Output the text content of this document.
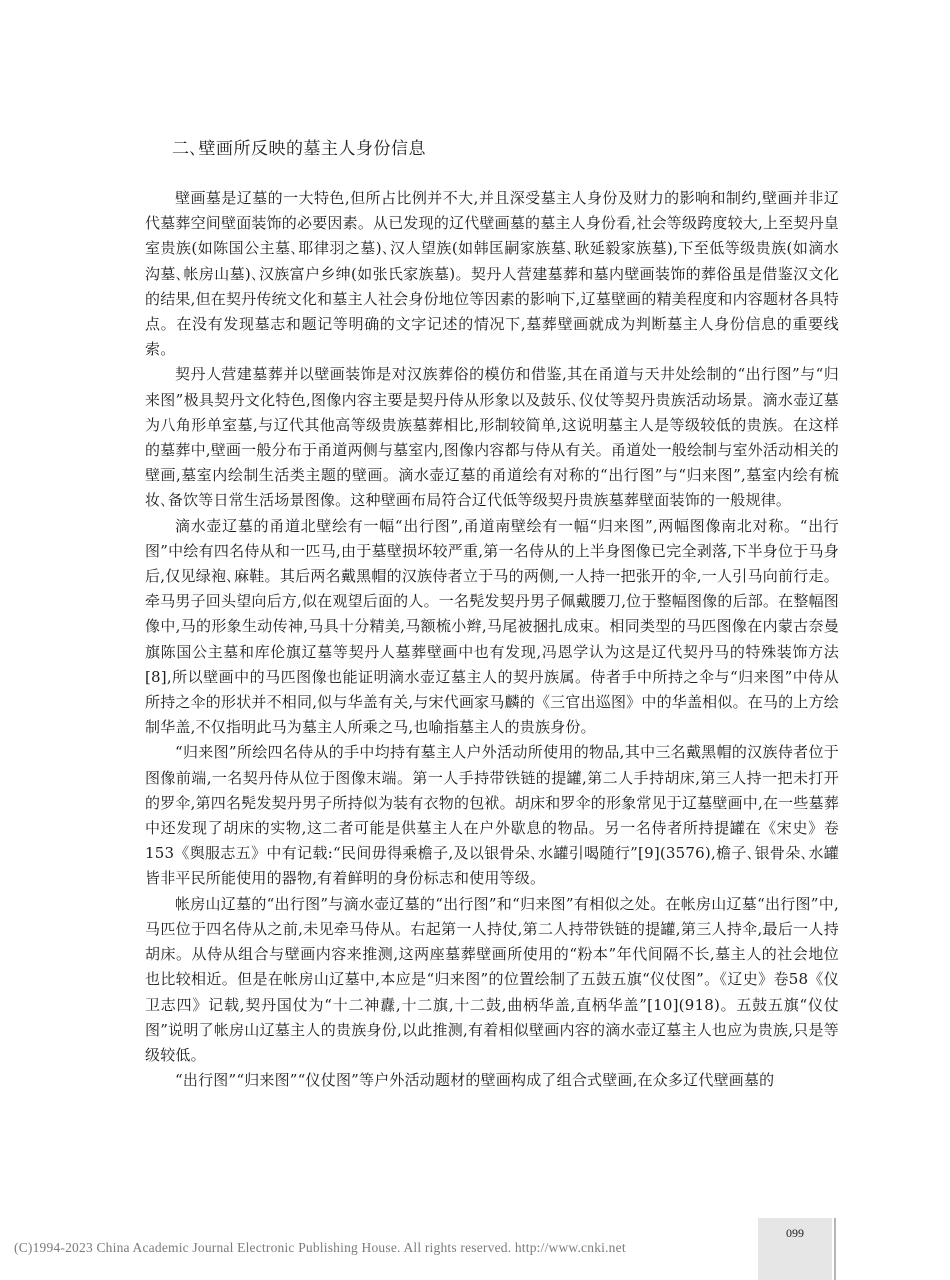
二､壁画所反映的墓主人身份信息

壁画墓是辽墓的一大特色,但所占比例并不大,并且深受墓主人身份及财力的影响和制约,壁画并非辽代墓葬空间壁面装饰的必要因素。从已发现的辽代壁画墓的墓主人身份看,社会等级跨度较大,上至契丹皇室贵族(如陈国公主墓､耶律羽之墓)､汉人望族(如韩匡嗣家族墓､耿延毅家族墓),下至低等级贵族(如滴水沟墓､帐房山墓)､汉族富户乡绅(如张氏家族墓)。契丹人营建墓葬和墓内壁画装饰的葬俗虽是借鉴汉文化的结果,但在契丹传统文化和墓主人社会身份地位等因素的影响下,辽墓壁画的精美程度和内容题材各具特点。在没有发现墓志和题记等明确的文字记述的情况下,墓葬壁画就成为判断墓主人身份信息的重要线索。

契丹人营建墓葬并以壁画装饰是对汉族葬俗的模仿和借鉴,其在甬道与天井处绘制的“出行图”与“归来图”极具契丹文化特色,图像内容主要是契丹侍从形象以及鼓乐､仪仗等契丹贵族活动场景。滴水壶辽墓为八角形单室墓,与辽代其他高等级贵族墓葬相比,形制较简单,这说明墓主人是等级较低的贵族。在这样的墓葬中,壁画一般分布于甬道两侧与墓室内,图像内容都与侍从有关。甬道处一般绘制与室外活动相关的壁画,墓室内绘制生活类主题的壁画。滴水壶辽墓的甬道绘有对称的“出行图”与“归来图”,墓室内绘有梳妆､备饮等日常生活场景图像。这种壁画布局符合辽代低等级契丹贵族墓葬壁面装饰的一般规律。

滴水壶辽墓的甬道北壁绘有一幅“出行图”,甬道南壁绘有一幅“归来图”,两幅图像南北对称。“出行图”中绘有四名侍从和一匹马,由于墓壁损坏较严重,第一名侍从的上半身图像已完全剥落,下半身位于马身后,仅见绿袍､麻鞋。其后两名戴黑帽的汉族侍者立于马的两侧,一人持一把张开的伞,一人引马向前行走。牵马男子回头望向后方,似在观望后面的人。一名髡发契丹男子佩戴腰刀,位于整幅图像的后部。在整幅图像中,马的形象生动传神,马具十分精美,马额梳小辫,马尾被捆扎成束。相同类型的马匹图像在内蒙古奈曼旗陈国公主墓和库伦旗辽墓等契丹人墓葬壁画中也有发现,冯恩学认为这是辽代契丹马的特殊装饰方法[8],所以壁画中的马匹图像也能证明滴水壶辽墓主人的契丹族属。侍者手中所持之伞与“归来图”中侍从所持之伞的形状并不相同,似与华盖有关,与宋代画家马麟的《三官出巡图》中的华盖相似。在马的上方绘制华盖,不仅指明此马为墓主人所乘之马,也喻指墓主人的贵族身份。

“归来图”所绘四名侍从的手中均持有墓主人户外活动所使用的物品,其中三名戴黑帽的汉族侍者位于图像前端,一名契丹侍从位于图像末端。第一人手持带铁链的提罐,第二人手持胡床,第三人持一把未打开的罗伞,第四名髡发契丹男子所持似为装有衣物的包袱。胡床和罗伞的形象常见于辽墓壁画中,在一些墓葬中还发现了胡床的实物,这二者可能是供墓主人在户外歇息的物品。另一名侍者所持提罐在《宋史》卷153《舆服志五》中有记载:“民间毋得乘檐子,及以银骨朵､水罐引喝随行”[9](3576),檐子､银骨朵､水罐皆非平民所能使用的器物,有着鲜明的身份标志和使用等级。

帐房山辽墓的“出行图”与滴水壶辽墓的“出行图”和“归来图”有相似之处。在帐房山辽墓“出行图”中,马匹位于四名侍从之前,未见牵马侍从。右起第一人持仗,第二人持带铁链的提罐,第三人持伞,最后一人持胡床。从侍从组合与壁画内容来推测,这两座墓葬壁画所使用的“粉本”年代间隔不长,墓主人的社会地位也比较相近。但是在帐房山辽墓中,本应是“归来图”的位置绘制了五鼓五旗“仪仗图”。《辽史》卷58《仪卫志四》记载,契丹国仗为“十二神纛,十二旗,十二鼓,曲柄华盖,直柄华盖”[10](918)。五鼓五旗“仪仗图”说明了帐房山辽墓主人的贵族身份,以此推测,有着相似壁画内容的滴水壶辽墓主人也应为贵族,只是等级较低。

“出行图”“归来图”“仪仗图”等户外活动题材的壁画构成了组合式壁画,在众多辽代壁画墓的

099
(C)1994-2023 China Academic Journal Electronic Publishing House. All rights reserved. http://www.cnki.net
